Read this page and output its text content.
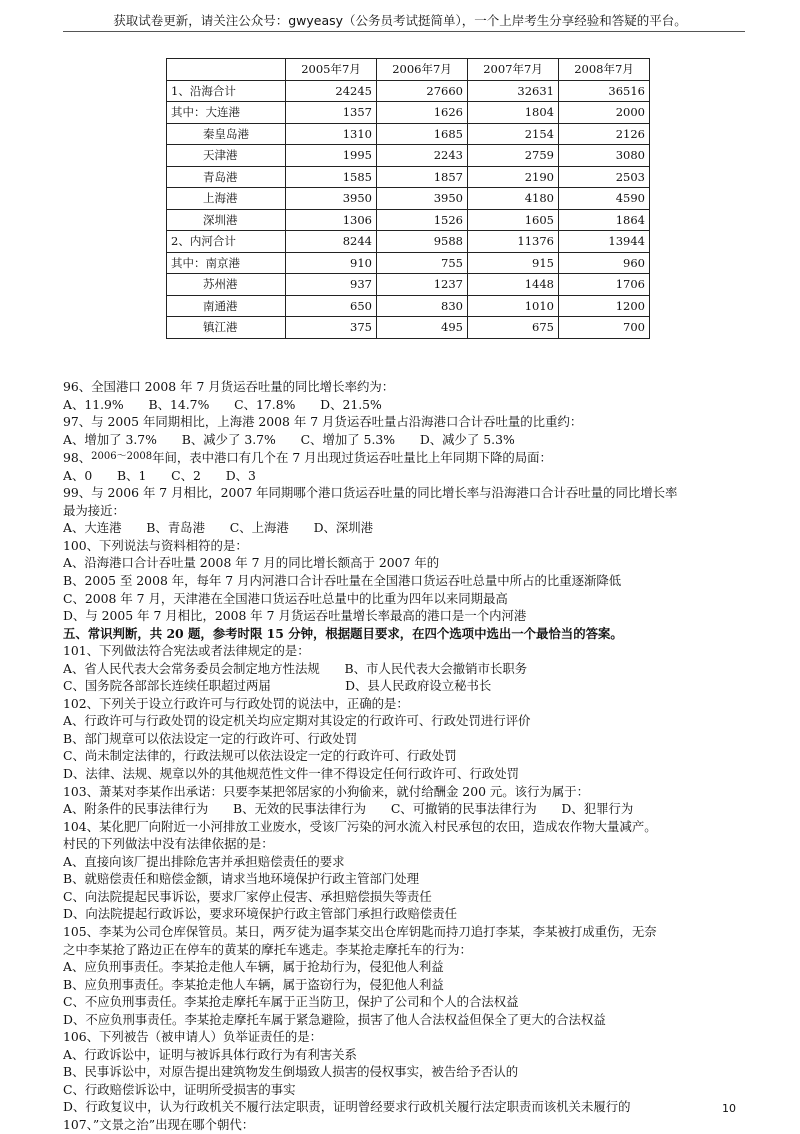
获取试卷更新，请关注公众号：gwyeasy（公务员考试挺简单），一个上岸考生分享经验和答疑的平台。
	2005年7月	2006年7月	2007年7月	2008年7月
1、沿海合计	24245	27660	32631	36516
其中：大连港	1357	1626	1804	2000
秦皇岛港	1310	1685	2154	2126
天津港	1995	2243	2759	3080
青岛港	1585	1857	2190	2503
上海港	3950	3950	4180	4590
深圳港	1306	1526	1605	1864
2、内河合计	8244	9588	11376	13944
其中：南京港	910	755	915	960
苏州港	937	1237	1448	1706
南通港	650	830	1010	1200
镇江港	375	495	675	700
96、全国港口 2008 年 7 月货运吞吐量的同比增长率约为：
A、11.9%　　B、14.7%　　C、17.8%　　D、21.5%
97、与 2005 年同期相比，上海港 2008 年 7 月货运吞吐量占沿海港口合计吞吐量的比重约：
A、增加了 3.7%　　B、减少了 3.7%　　C、增加了 5.3%　　D、减少了 5.3%
98、$^{2006\sim 2008}$年间，表中港口有几个在 7 月出现过货运吞吐量比上年同期下降的局面：
A、0　　B、1　　C、2　　D、3
99、与 2006 年 7 月相比，2007 年同期哪个港口货运吞吐量的同比增长率与沿海港口合计吞吐量的同比增长率
最为接近：
A、大连港　　B、青岛港　　C、上海港　　D、深圳港
100、下列说法与资料相符的是：
A、沿海港口合计吞吐量 2008 年 7 月的同比增长额高于 2007 年的
B、2005 至 2008 年，每年 7 月内河港口合计吞吐量在全国港口货运吞吐总量中所占的比重逐渐降低
C、2008 年 7 月，天津港在全国港口货运吞吐总量中的比重为四年以来同期最高
D、与 2005 年 7 月相比，2008 年 7 月货运吞吐量增长率最高的港口是一个内河港
五、常识判断，共 20 题，参考时限 15 分钟，根据题目要求，在四个选项中选出一个最恰当的答案。
101、下列做法符合宪法或者法律规定的是：
A、省人民代表大会常务委员会制定地方性法规　　B、市人民代表大会撤销市长职务
C、国务院各部部长连续任职超过两届　　　　　　D、县人民政府设立秘书长
102、下列关于设立行政许可与行政处罚的说法中，正确的是：
A、行政许可与行政处罚的设定机关均应定期对其设定的行政许可、行政处罚进行评价
B、部门规章可以依法设定一定的行政许可、行政处罚
C、尚未制定法律的，行政法规可以依法设定一定的行政许可、行政处罚
D、法律、法规、规章以外的其他规范性文件一律不得设定任何行政许可、行政处罚
103、萧某对李某作出承诺：只要李某把邻居家的小狗偷来，就付给酬金 200 元。该行为属于：
A、附条件的民事法律行为　　B、无效的民事法律行为　　C、可撤销的民事法律行为　　D、犯罪行为
104、某化肥厂向附近一小河排放工业废水，受该厂污染的河水流入村民承包的农田，造成农作物大量减产。
村民的下列做法中没有法律依据的是：
A、直接向该厂提出排除危害并承担赔偿责任的要求
B、就赔偿责任和赔偿金额，请求当地环境保护行政主管部门处理
C、向法院提起民事诉讼，要求厂家停止侵害、承担赔偿损失等责任
D、向法院提起行政诉讼，要求环境保护行政主管部门承担行政赔偿责任
105、李某为公司仓库保管员。某日，两歹徒为逼李某交出仓库钥匙而持刀追打李某，李某被打成重伤，无奈
之中李某抢了路边正在停车的黄某的摩托车逃走。李某抢走摩托车的行为：
A、应负刑事责任。李某抢走他人车辆，属于抢劫行为，侵犯他人利益
B、应负刑事责任。李某抢走他人车辆，属于盗窃行为，侵犯他人利益
C、不应负刑事责任。李某抢走摩托车属于正当防卫，保护了公司和个人的合法权益
D、不应负刑事责任。李某抢走摩托车属于紧急避险，损害了他人合法权益但保全了更大的合法权益
106、下列被告（被申请人）负举证责任的是：
A、行政诉讼中，证明与被诉具体行政行为有利害关系
B、民事诉讼中，对原告提出建筑物发生倒塌致人损害的侵权事实，被告给予否认的
C、行政赔偿诉讼中，证明所受损害的事实
D、行政复议中，认为行政机关不履行法定职责，证明曾经要求行政机关履行法定职责而该机关未履行的
107、”文景之治”出现在哪个朝代：
10
